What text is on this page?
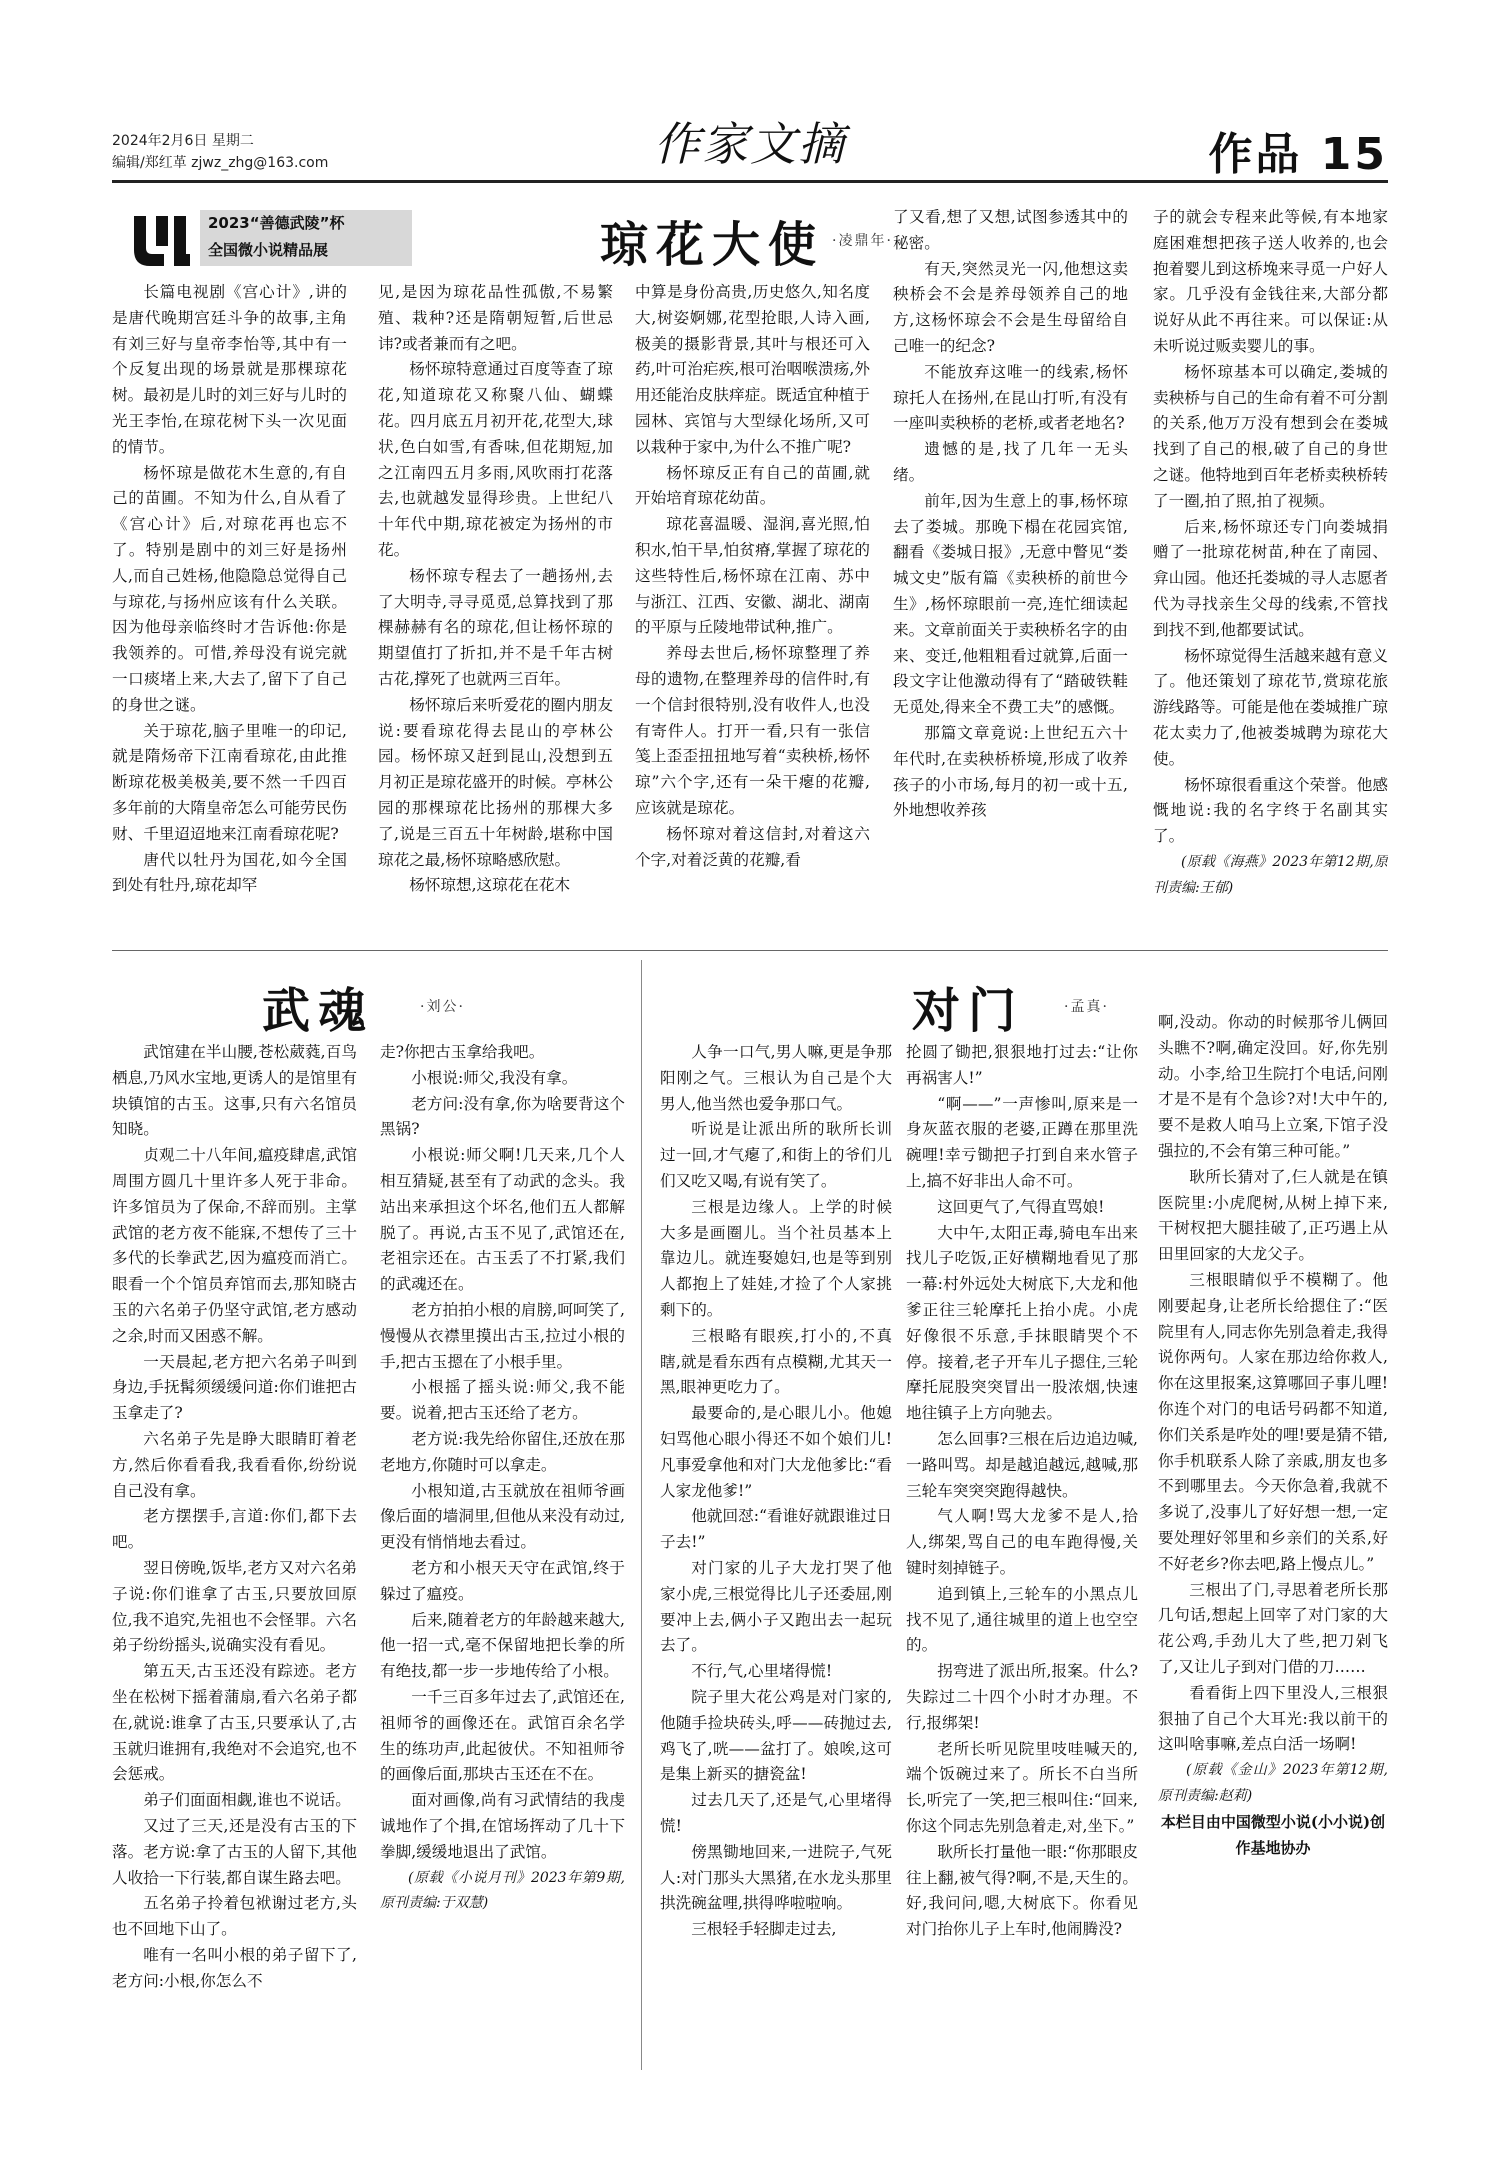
2024年2月6日 星期二
编辑/郑红革 zjwz_zhg@163.com	作家文摘	作品 15
2023“善德武陵”杯
全国微小说精品展	琼花大使 ·凌鼎年·

长篇电视剧《宫心计》,讲的是唐代晚期宫廷斗争的故事,主角有刘三好与皇帝李怡等,其中有一个反复出现的场景就是那棵琼花树。最初是儿时的刘三好与儿时的光王李怡,在琼花树下头一次见面的情节。

杨怀琼是做花木生意的,有自己的苗圃。不知为什么,自从看了《宫心计》后,对琼花再也忘不了。特别是剧中的刘三好是扬州人,而自己姓杨,他隐隐总觉得自己与琼花,与扬州应该有什么关联。因为他母亲临终时才告诉他:你是我领养的。可惜,养母没有说完就一口痰堵上来,大去了,留下了自己的身世之谜。

关于琼花,脑子里唯一的印记,就是隋炀帝下江南看琼花,由此推断琼花极美极美,要不然一千四百多年前的大隋皇帝怎么可能劳民伤财、千里迢迢地来江南看琼花呢?

唐代以牡丹为国花,如今全国到处有牡丹,琼花却罕

见,是因为琼花品性孤傲,不易繁殖、栽种?还是隋朝短暂,后世忌讳?或者兼而有之吧。

杨怀琼特意通过百度等查了琼花,知道琼花又称聚八仙、蝴蝶花。四月底五月初开花,花型大,球状,色白如雪,有香味,但花期短,加之江南四五月多雨,风吹雨打花落去,也就越发显得珍贵。上世纪八十年代中期,琼花被定为扬州的市花。

杨怀琼专程去了一趟扬州,去了大明寺,寻寻觅觅,总算找到了那棵赫赫有名的琼花,但让杨怀琼的期望值打了折扣,并不是千年古树古花,撑死了也就两三百年。

杨怀琼后来听爱花的圈内朋友说:要看琼花得去昆山的亭林公园。杨怀琼又赶到昆山,没想到五月初正是琼花盛开的时候。亭林公园的那棵琼花比扬州的那棵大多了,说是三百五十年树龄,堪称中国琼花之最,杨怀琼略感欣慰。

杨怀琼想,这琼花在花木

中算是身份高贵,历史悠久,知名度大,树姿婀娜,花型抢眼,人诗入画,极美的摄影背景,其叶与根还可入药,叶可治疟疾,根可治咽喉溃疡,外用还能治皮肤痒症。既适宜种植于园林、宾馆与大型绿化场所,又可以栽种于家中,为什么不推广呢?

杨怀琼反正有自己的苗圃,就开始培育琼花幼苗。

琼花喜温暖、湿润,喜光照,怕积水,怕干旱,怕贫瘠,掌握了琼花的这些特性后,杨怀琼在江南、苏中与浙江、江西、安徽、湖北、湖南的平原与丘陵地带试种,推广。

养母去世后,杨怀琼整理了养母的遗物,在整理养母的信件时,有一个信封很特别,没有收件人,也没有寄件人。打开一看,只有一张信笺上歪歪扭扭地写着“卖秧桥,杨怀琼”六个字,还有一朵干瘪的花瓣,应该就是琼花。

杨怀琼对着这信封,对着这六个字,对着泛黄的花瓣,看

了又看,想了又想,试图参透其中的秘密。

有天,突然灵光一闪,他想这卖秧桥会不会是养母领养自己的地方,这杨怀琼会不会是生母留给自己唯一的纪念?

不能放弃这唯一的线索,杨怀琼托人在扬州,在昆山打听,有没有一座叫卖秧桥的老桥,或者老地名?

遗憾的是,找了几年一无头绪。

前年,因为生意上的事,杨怀琼去了娄城。那晚下榻在花园宾馆,翻看《娄城日报》,无意中瞥见“娄城文史”版有篇《卖秧桥的前世今生》,杨怀琼眼前一亮,连忙细读起来。文章前面关于卖秧桥名字的由来、变迁,他粗粗看过就算,后面一段文字让他激动得有了“踏破铁鞋无觅处,得来全不费工夫”的感慨。

那篇文章竟说:上世纪五六十年代时,在卖秧桥桥境,形成了收养孩子的小市场,每月的初一或十五,外地想收养孩

子的就会专程来此等候,有本地家庭困难想把孩子送人收养的,也会抱着婴儿到这桥堍来寻觅一户好人家。几乎没有金钱往来,大部分都说好从此不再往来。可以保证:从未听说过贩卖婴儿的事。

杨怀琼基本可以确定,娄城的卖秧桥与自己的生命有着不可分割的关系,他万万没有想到会在娄城找到了自己的根,破了自己的身世之谜。他特地到百年老桥卖秧桥转了一圈,拍了照,拍了视频。

后来,杨怀琼还专门向娄城捐赠了一批琼花树苗,种在了南园、弇山园。他还托娄城的寻人志愿者代为寻找亲生父母的线索,不管找到找不到,他都要试试。

杨怀琼觉得生活越来越有意义了。他还策划了琼花节,赏琼花旅游线路等。可能是他在娄城推广琼花太卖力了,他被娄城聘为琼花大使。

杨怀琼很看重这个荣誉。他感慨地说:我的名字终于名副其实了。

(原载《海燕》2023年第12期,原刊责编:王郁)

武魂	·刘公·

武馆建在半山腰,苍松葳蕤,百鸟栖息,乃风水宝地,更诱人的是馆里有块镇馆的古玉。这事,只有六名馆员知晓。

贞观二十八年间,瘟疫肆虐,武馆周围方圆几十里许多人死于非命。许多馆员为了保命,不辞而别。主掌武馆的老方夜不能寐,不想传了三十多代的长拳武艺,因为瘟疫而消亡。眼看一个个馆员弃馆而去,那知晓古玉的六名弟子仍坚守武馆,老方感动之余,时而又困惑不解。

一天晨起,老方把六名弟子叫到身边,手抚髯须缓缓问道:你们谁把古玉拿走了?

六名弟子先是睁大眼睛盯着老方,然后你看看我,我看看你,纷纷说自己没有拿。

老方摆摆手,言道:你们,都下去吧。

翌日傍晚,饭毕,老方又对六名弟子说:你们谁拿了古玉,只要放回原位,我不追究,先祖也不会怪罪。六名弟子纷纷摇头,说确实没有看见。

第五天,古玉还没有踪迹。老方坐在松树下摇着蒲扇,看六名弟子都在,就说:谁拿了古玉,只要承认了,古玉就归谁拥有,我绝对不会追究,也不会惩戒。

弟子们面面相觑,谁也不说话。

又过了三天,还是没有古玉的下落。老方说:拿了古玉的人留下,其他人收拾一下行装,都自谋生路去吧。

五名弟子拎着包袱谢过老方,头也不回地下山了。

唯有一名叫小根的弟子留下了,老方问:小根,你怎么不

走?你把古玉拿给我吧。

小根说:师父,我没有拿。

老方问:没有拿,你为啥要背这个黑锅?

小根说:师父啊!几天来,几个人相互猜疑,甚至有了动武的念头。我站出来承担这个坏名,他们五人都解脱了。再说,古玉不见了,武馆还在,老祖宗还在。古玉丢了不打紧,我们的武魂还在。

老方拍拍小根的肩膀,呵呵笑了,慢慢从衣襟里摸出古玉,拉过小根的手,把古玉摁在了小根手里。

小根摇了摇头说:师父,我不能要。说着,把古玉还给了老方。

老方说:我先给你留住,还放在那老地方,你随时可以拿走。

小根知道,古玉就放在祖师爷画像后面的墙洞里,但他从来没有动过,更没有悄悄地去看过。

老方和小根天天守在武馆,终于躲过了瘟疫。

后来,随着老方的年龄越来越大,他一招一式,毫不保留地把长拳的所有绝技,都一步一步地传给了小根。

一千三百多年过去了,武馆还在,祖师爷的画像还在。武馆百余名学生的练功声,此起彼伏。不知祖师爷的画像后面,那块古玉还在不在。

面对画像,尚有习武情结的我虔诚地作了个揖,在馆场挥动了几十下拳脚,缓缓地退出了武馆。

(原载《小说月刊》2023年第9期,原刊责编:于双慧)

对门	·孟真·

人争一口气,男人嘛,更是争那阳刚之气。三根认为自己是个大男人,他当然也爱争那口气。

听说是让派出所的耿所长训过一回,才气瘪了,和街上的爷们儿们又吃又喝,有说有笑了。

三根是边缘人。上学的时候大多是画圈儿。当个社员基本上靠边儿。就连娶媳妇,也是等到别人都抱上了娃娃,才捡了个人家挑剩下的。

三根略有眼疾,打小的,不真瞎,就是看东西有点模糊,尤其天一黑,眼神更吃力了。

最要命的,是心眼儿小。他媳妇骂他心眼小得还不如个娘们儿!凡事爱拿他和对门大龙他爹比:“看人家龙他爹!”

他就回怼:“看谁好就跟谁过日子去!”

对门家的儿子大龙打哭了他家小虎,三根觉得比儿子还委屈,刚要冲上去,俩小子又跑出去一起玩去了。

不行,气,心里堵得慌!

院子里大花公鸡是对门家的,他随手捡块砖头,呼——砖抛过去,鸡飞了,咣——盆打了。娘唉,这可是集上新买的搪瓷盆!

过去几天了,还是气,心里堵得慌!

傍黑锄地回来,一进院子,气死人:对门那头大黑猪,在水龙头那里拱洗碗盆哩,拱得哗啦啦响。

三根轻手轻脚走过去,

抡圆了锄把,狠狠地打过去:“让你再祸害人!”

“啊——”一声惨叫,原来是一身灰蓝衣服的老婆,正蹲在那里洗碗哩!幸亏锄把子打到自来水管子上,搞不好非出人命不可。

这回更气了,气得直骂娘!

大中午,太阳正毒,骑电车出来找儿子吃饭,正好横糊地看见了那一幕:村外远处大树底下,大龙和他爹正往三轮摩托上抬小虎。小虎好像很不乐意,手抹眼睛哭个不停。接着,老子开车儿子摁住,三轮摩托屁股突突冒出一股浓烟,快速地往镇子上方向驰去。

怎么回事?三根在后边追边喊,一路叫骂。却是越追越远,越喊,那三轮车突突突跑得越快。

气人啊!骂大龙爹不是人,拾人,绑架,骂自己的电车跑得慢,关键时刻掉链子。

追到镇上,三轮车的小黑点儿找不见了,通往城里的道上也空空的。

拐弯进了派出所,报案。什么?失踪过二十四个小时才办理。不行,报绑架!

老所长听见院里吱哇喊天的,端个饭碗过来了。所长不白当所长,听完了一笑,把三根叫住:“回来,你这个同志先别急着走,对,坐下。”

耿所长打量他一眼:“你那眼皮往上翻,被气得?啊,不是,天生的。好,我问问,嗯,大树底下。你看见对门抬你儿子上车时,他闹腾没?

啊,没动。你动的时候那爷儿俩回头瞧不?啊,确定没回。好,你先别动。小李,给卫生院打个电话,问刚才是不是有个急诊?对!大中午的,要不是救人咱马上立案,下馆子没强拉的,不会有第三种可能。”

耿所长猜对了,仨人就是在镇医院里:小虎爬树,从树上掉下来,干树杈把大腿挂破了,正巧遇上从田里回家的大龙父子。

三根眼睛似乎不模糊了。他刚要起身,让老所长给摁住了:“医院里有人,同志你先别急着走,我得说你两句。人家在那边给你救人,你在这里报案,这算哪回子事儿哩!你连个对门的电话号码都不知道,你们关系是咋处的哩!要是猜不错,你手机联系人除了亲戚,朋友也多不到哪里去。今天你急着,我就不多说了,没事儿了好好想一想,一定要处理好邻里和乡亲们的关系,好不好老乡?你去吧,路上慢点儿。”

三根出了门,寻思着老所长那几句话,想起上回宰了对门家的大花公鸡,手劲儿大了些,把刀剁飞了,又让儿子到对门借的刀……

看看街上四下里没人,三根狠狠抽了自己个大耳光:我以前干的这叫啥事嘛,差点白活一场啊!

(原载《金山》2023年第12期,原刊责编:赵莉)

本栏目由中国微型小说(小小说)创作基地协办
